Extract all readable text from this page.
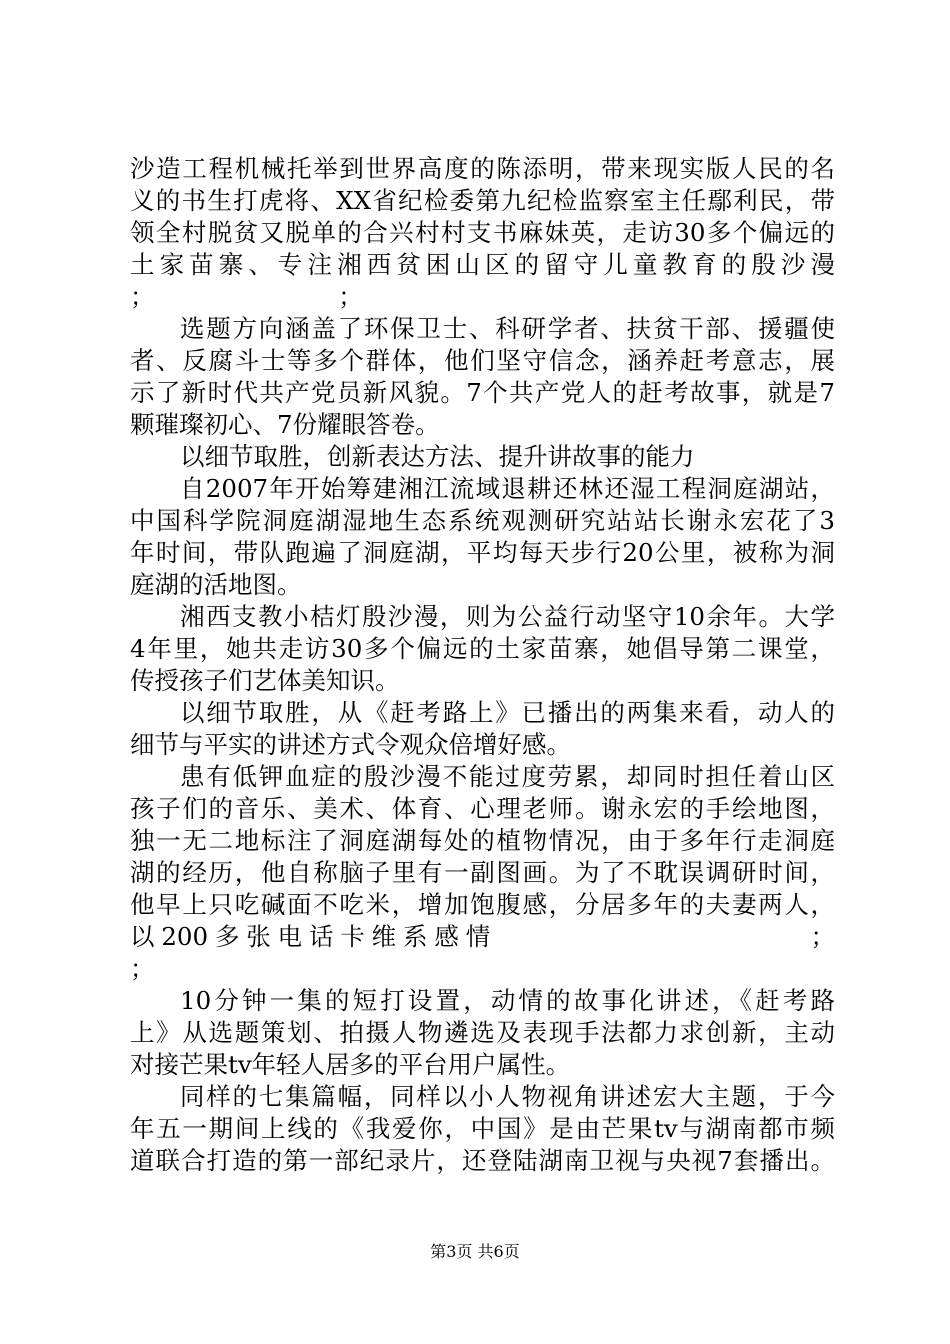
沙造工程机械托举到世界高度的陈添明，带来现实版人民的名
义的书生打虎将、XX省纪检委第九纪检监察室主任鄢利民，带
领全村脱贫又脱单的合兴村村支书麻妹英，走访30多个偏远的
土家苗寨、专注湘西贫困山区的留守儿童教育的殷沙漫
；　　　　　　　　；
选题方向涵盖了环保卫士、科研学者、扶贫干部、援疆使
者、反腐斗士等多个群体，他们坚守信念，涵养赶考意志，展
示了新时代共产党员新风貌。7个共产党人的赶考故事，就是7
颗璀璨初心、7份耀眼答卷。
以细节取胜，创新表达方法、提升讲故事的能力
自2007年开始筹建湘江流域退耕还林还湿工程洞庭湖站，
中国科学院洞庭湖湿地生态系统观测研究站站长谢永宏花了3
年时间，带队跑遍了洞庭湖，平均每天步行20公里，被称为洞
庭湖的活地图。
湘西支教小桔灯殷沙漫，则为公益行动坚守10余年。大学
4年里，她共走访30多个偏远的土家苗寨，她倡导第二课堂，
传授孩子们艺体美知识。
以细节取胜，从《赶考路上》已播出的两集来看，动人的
细节与平实的讲述方式令观众倍增好感。
患有低钾血症的殷沙漫不能过度劳累，却同时担任着山区
孩子们的音乐、美术、体育、心理老师。谢永宏的手绘地图，
独一无二地标注了洞庭湖每处的植物情况，由于多年行走洞庭
湖的经历，他自称脑子里有一副图画。为了不耽误调研时间，
他早上只吃碱面不吃米，增加饱腹感，分居多年的夫妻两人，
以200多张电话卡维系感情　　　　　　　　　　；
；
10分钟一集的短打设置，动情的故事化讲述，《赶考路
上》从选题策划、拍摄人物遴选及表现手法都力求创新，主动
对接芒果tv年轻人居多的平台用户属性。
同样的七集篇幅，同样以小人物视角讲述宏大主题，于今
年五一期间上线的《我爱你，中国》是由芒果tv与湖南都市频
道联合打造的第一部纪录片，还登陆湖南卫视与央视7套播出。
第3页 共6页
